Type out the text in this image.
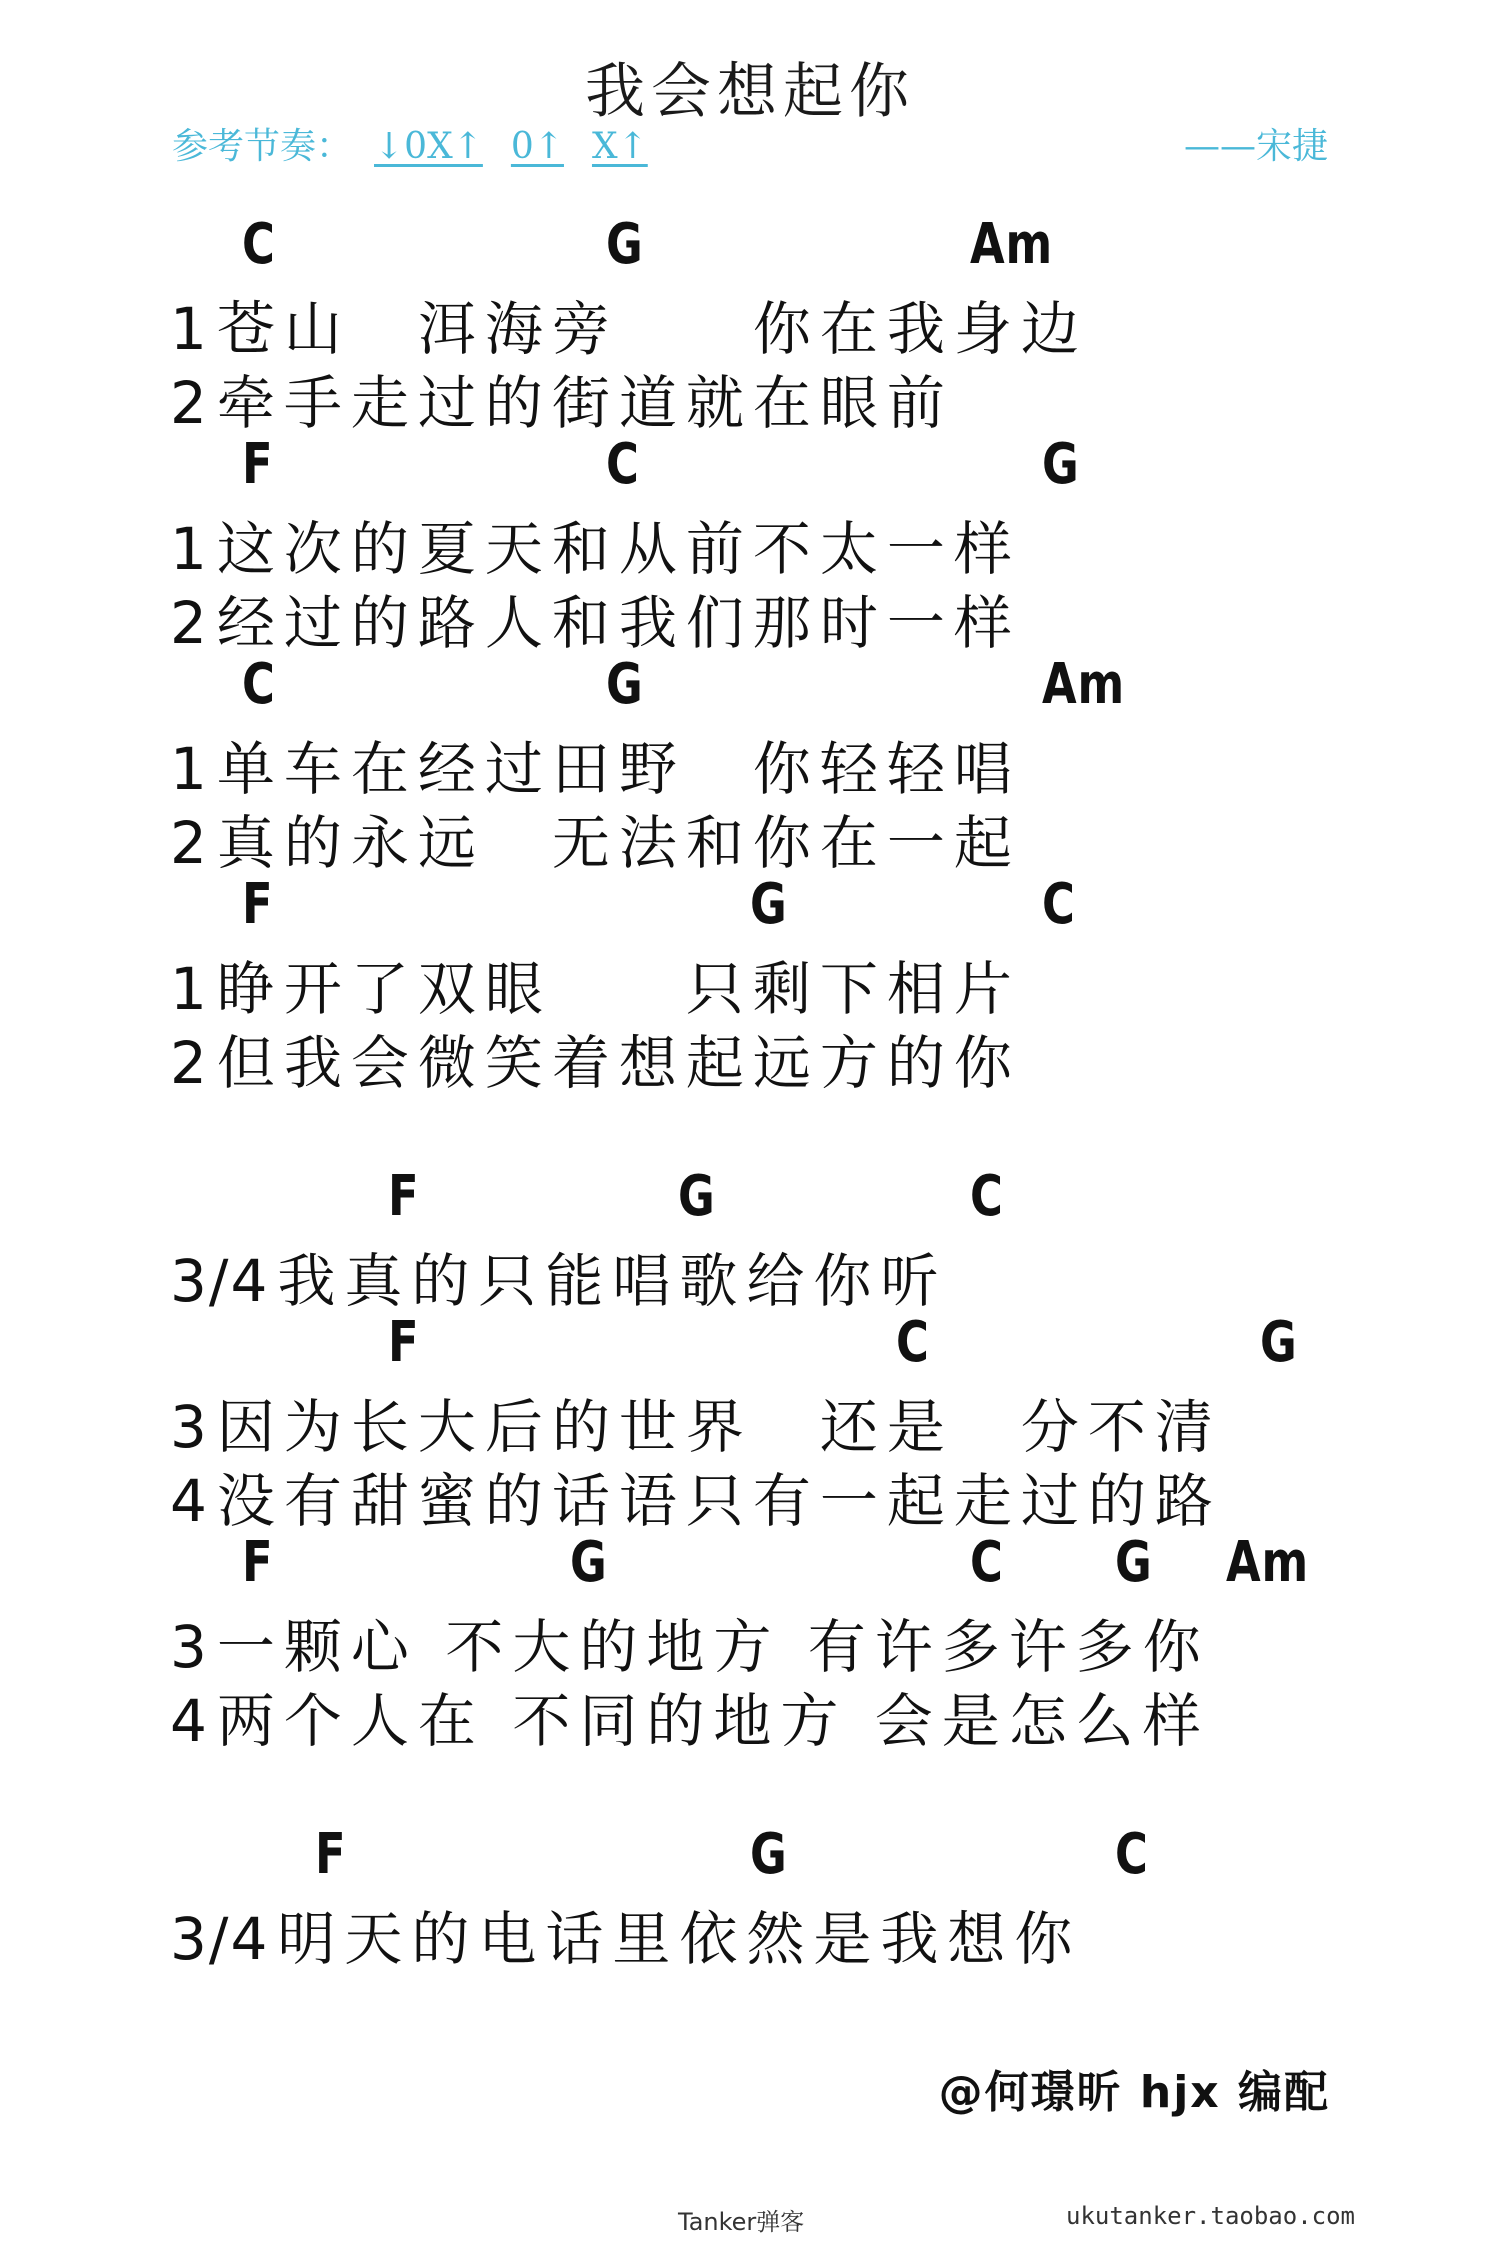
我会想起你
参考节奏： ↓0X↑ 0↑ X↑	——宋捷
C	G	Am
1 苍山　洱海旁　　你在我身边
2 牵手走过的街道就在眼前
F	C	G
1 这次的夏天和从前不太一样
2 经过的路人和我们那时一样
C	G	Am
1 单车在经过田野　你轻轻唱
2 真的永远　无法和你在一起
F	G	C
1 睁开了双眼　　只剩下相片
2 但我会微笑着想起远方的你
F	G	C
3/4 我真的只能唱歌给你听
F	C	G
3 因为长大后的世界　还是　分不清
4 没有甜蜜的话语只有一起走过的路
F	G	C G Am
3 一颗心 不大的地方 有许多许多你
4 两个人在 不同的地方 会是怎么样
F	G	C
3/4 明天的电话里依然是我想你
@何璟昕 hjx 编配
Tanker弹客	ukutanker.taobao.com
